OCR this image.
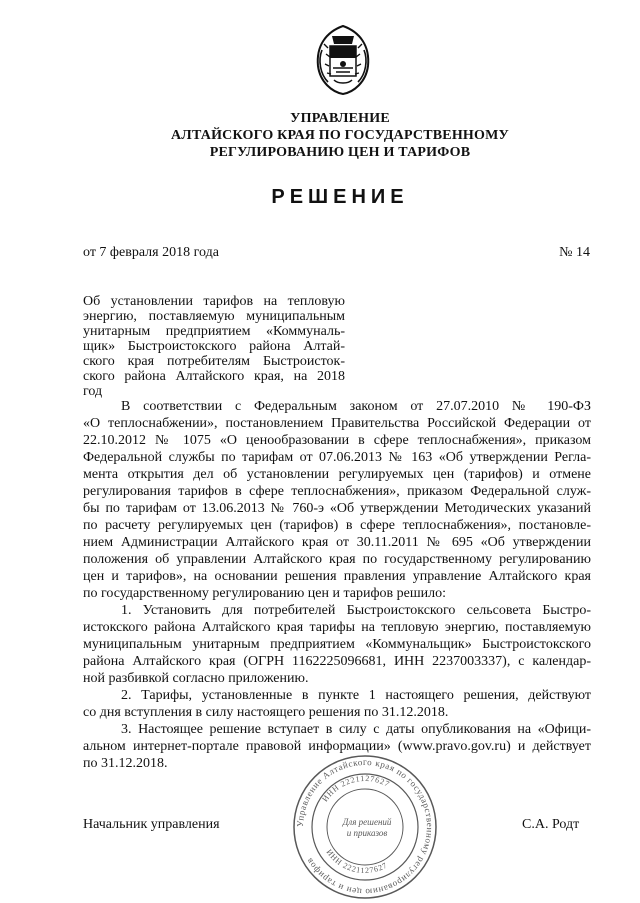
УПРАВЛЕНИЕ
АЛТАЙСКОГО КРАЯ ПО ГОСУДАРСТВЕННОМУ
РЕГУЛИРОВАНИЮ ЦЕН И ТАРИФОВ
РЕШЕНИЕ
от 7 февраля 2018 года	№ 14
Об установлении тарифов на тепловую
энергию, поставляемую муниципальным
унитарным предприятием «Коммуналь-
щик» Быстроистокского района Алтай-
ского края потребителям Быстроисток-
ского района Алтайского края, на 2018
год
В соответствии с Федеральным законом от 27.07.2010 № 190-ФЗ
«О теплоснабжении», постановлением Правительства Российской Федерации от
22.10.2012 № 1075 «О ценообразовании в сфере теплоснабжения», приказом
Федеральной службы по тарифам от 07.06.2013 № 163 «Об утверждении Регла-
мента открытия дел об установлении регулируемых цен (тарифов) и отмене
регулирования тарифов в сфере теплоснабжения», приказом Федеральной служ-
бы по тарифам от 13.06.2013 № 760-э «Об утверждении Методических указаний
по расчету регулируемых цен (тарифов) в сфере теплоснабжения», постановле-
нием Администрации Алтайского края от 30.11.2011 № 695 «Об утверждении
положения об управлении Алтайского края по государственному регулированию
цен и тарифов», на основании решения правления управление Алтайского края
по государственному регулированию цен и тарифов решило:
1. Установить для потребителей Быстроистокского сельсовета Быстро-
истокского района Алтайского края тарифы на тепловую энергию, поставляемую
муниципальным унитарным предприятием «Коммунальщик» Быстроистокского
района Алтайского края (ОГРН 1162225096681, ИНН 2237003337), с календар-
ной разбивкой согласно приложению.
2. Тарифы, установленные в пункте 1 настоящего решения, действуют
со дня вступления в силу настоящего решения по 31.12.2018.
3. Настоящее решение вступает в силу с даты опубликования на «Офици-
альном интернет-портале правовой информации» (www.pravo.gov.ru) и действует
по 31.12.2018.
Начальник управления	С.А. Родт
Управление Алтайского края по государственному регулированию цен и тарифов
ИНН 2221127627
ИНН 2221127627
Для решений
и приказов
